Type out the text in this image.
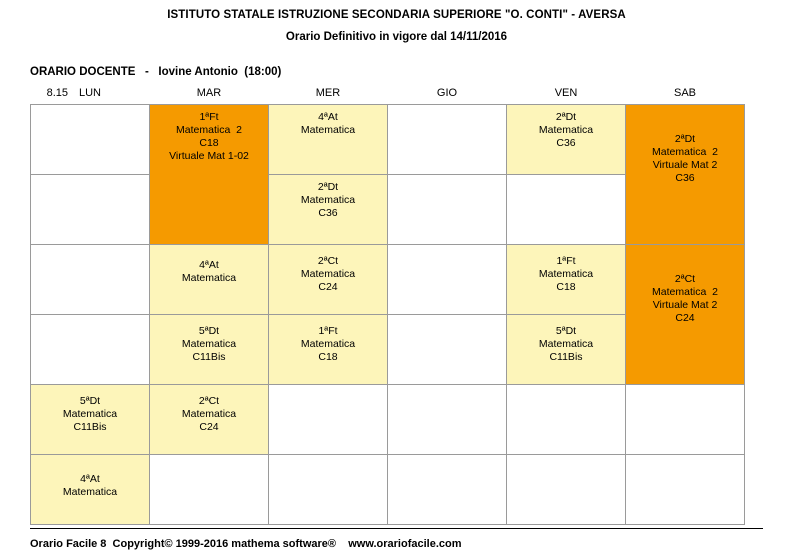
ISTITUTO STATALE ISTRUZIONE SECONDARIA SUPERIORE "O. CONTI" - AVERSA
Orario Definitivo in vigore dal 14/11/2016
ORARIO DOCENTE   -   Iovine Antonio  (18:00)
8.15 LUN	MAR	MER	GIO	VEN	SAB

	1ªFt
Matematica  2
C18
Virtuale Mat 1-02	4ªAt
Matematica		2ªDt
Matematica
C36	2ªDt
Matematica  2
Virtuale Mat 2
C36

		2ªDt
Matematica
C36			

	4ªAt
Matematica	2ªCt
Matematica
C24		1ªFt
Matematica
C18	2ªCt
Matematica  2
Virtuale Mat 2
C24

	5ªDt
Matematica
C11Bis	1ªFt
Matematica
C18		5ªDt
Matematica
C11Bis	

5ªDt
Matematica
C11Bis	2ªCt
Matematica
C24				

4ªAt
Matematica					

Orario Facile 8  Copyright© 1999-2016 mathema software®    www.orariofacile.com
